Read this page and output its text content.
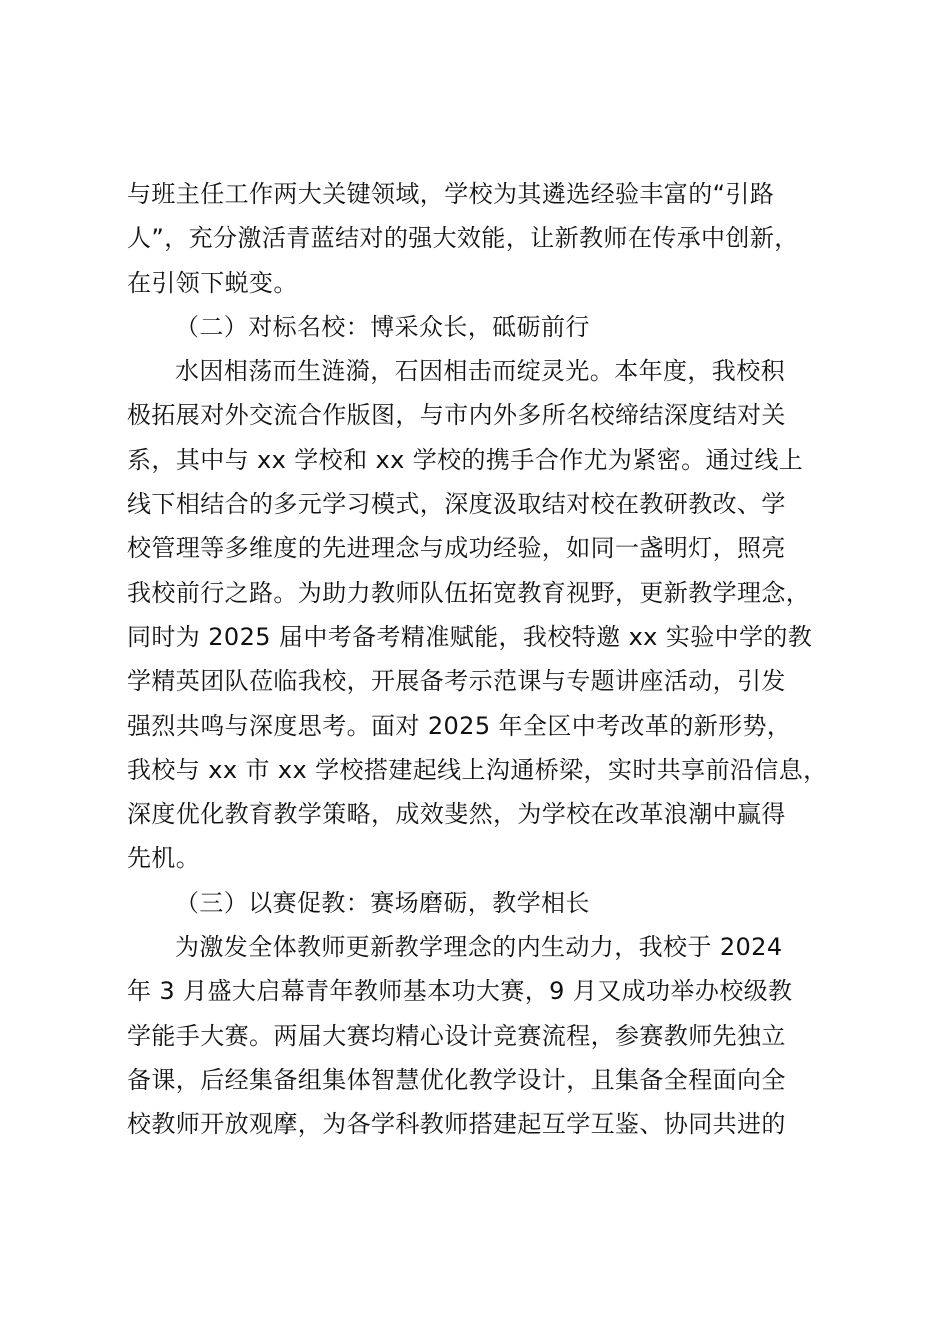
与班主任工作两大关键领域，学校为其遴选经验丰富的“引路
人”，充分激活青蓝结对的强大效能，让新教师在传承中创新，
在引领下蜕变。
（二）对标名校：博采众长，砥砺前行
水因相荡而生涟漪，石因相击而绽灵光。本年度，我校积
极拓展对外交流合作版图，与市内外多所名校缔结深度结对关
系，其中与 xx 学校和 xx 学校的携手合作尤为紧密。通过线上
线下相结合的多元学习模式，深度汲取结对校在教研教改、学
校管理等多维度的先进理念与成功经验，如同一盏明灯，照亮
我校前行之路。为助力教师队伍拓宽教育视野，更新教学理念，
同时为 2025 届中考备考精准赋能，我校特邀 xx 实验中学的教
学精英团队莅临我校，开展备考示范课与专题讲座活动，引发
强烈共鸣与深度思考。面对 2025 年全区中考改革的新形势，
我校与 xx 市 xx 学校搭建起线上沟通桥梁，实时共享前沿信息，
深度优化教育教学策略，成效斐然，为学校在改革浪潮中赢得
先机。
（三）以赛促教：赛场磨砺，教学相长
为激发全体教师更新教学理念的内生动力，我校于 2024
年 3 月盛大启幕青年教师基本功大赛，9 月又成功举办校级教
学能手大赛。两届大赛均精心设计竞赛流程，参赛教师先独立
备课，后经集备组集体智慧优化教学设计，且集备全程面向全
校教师开放观摩，为各学科教师搭建起互学互鉴、协同共进的
